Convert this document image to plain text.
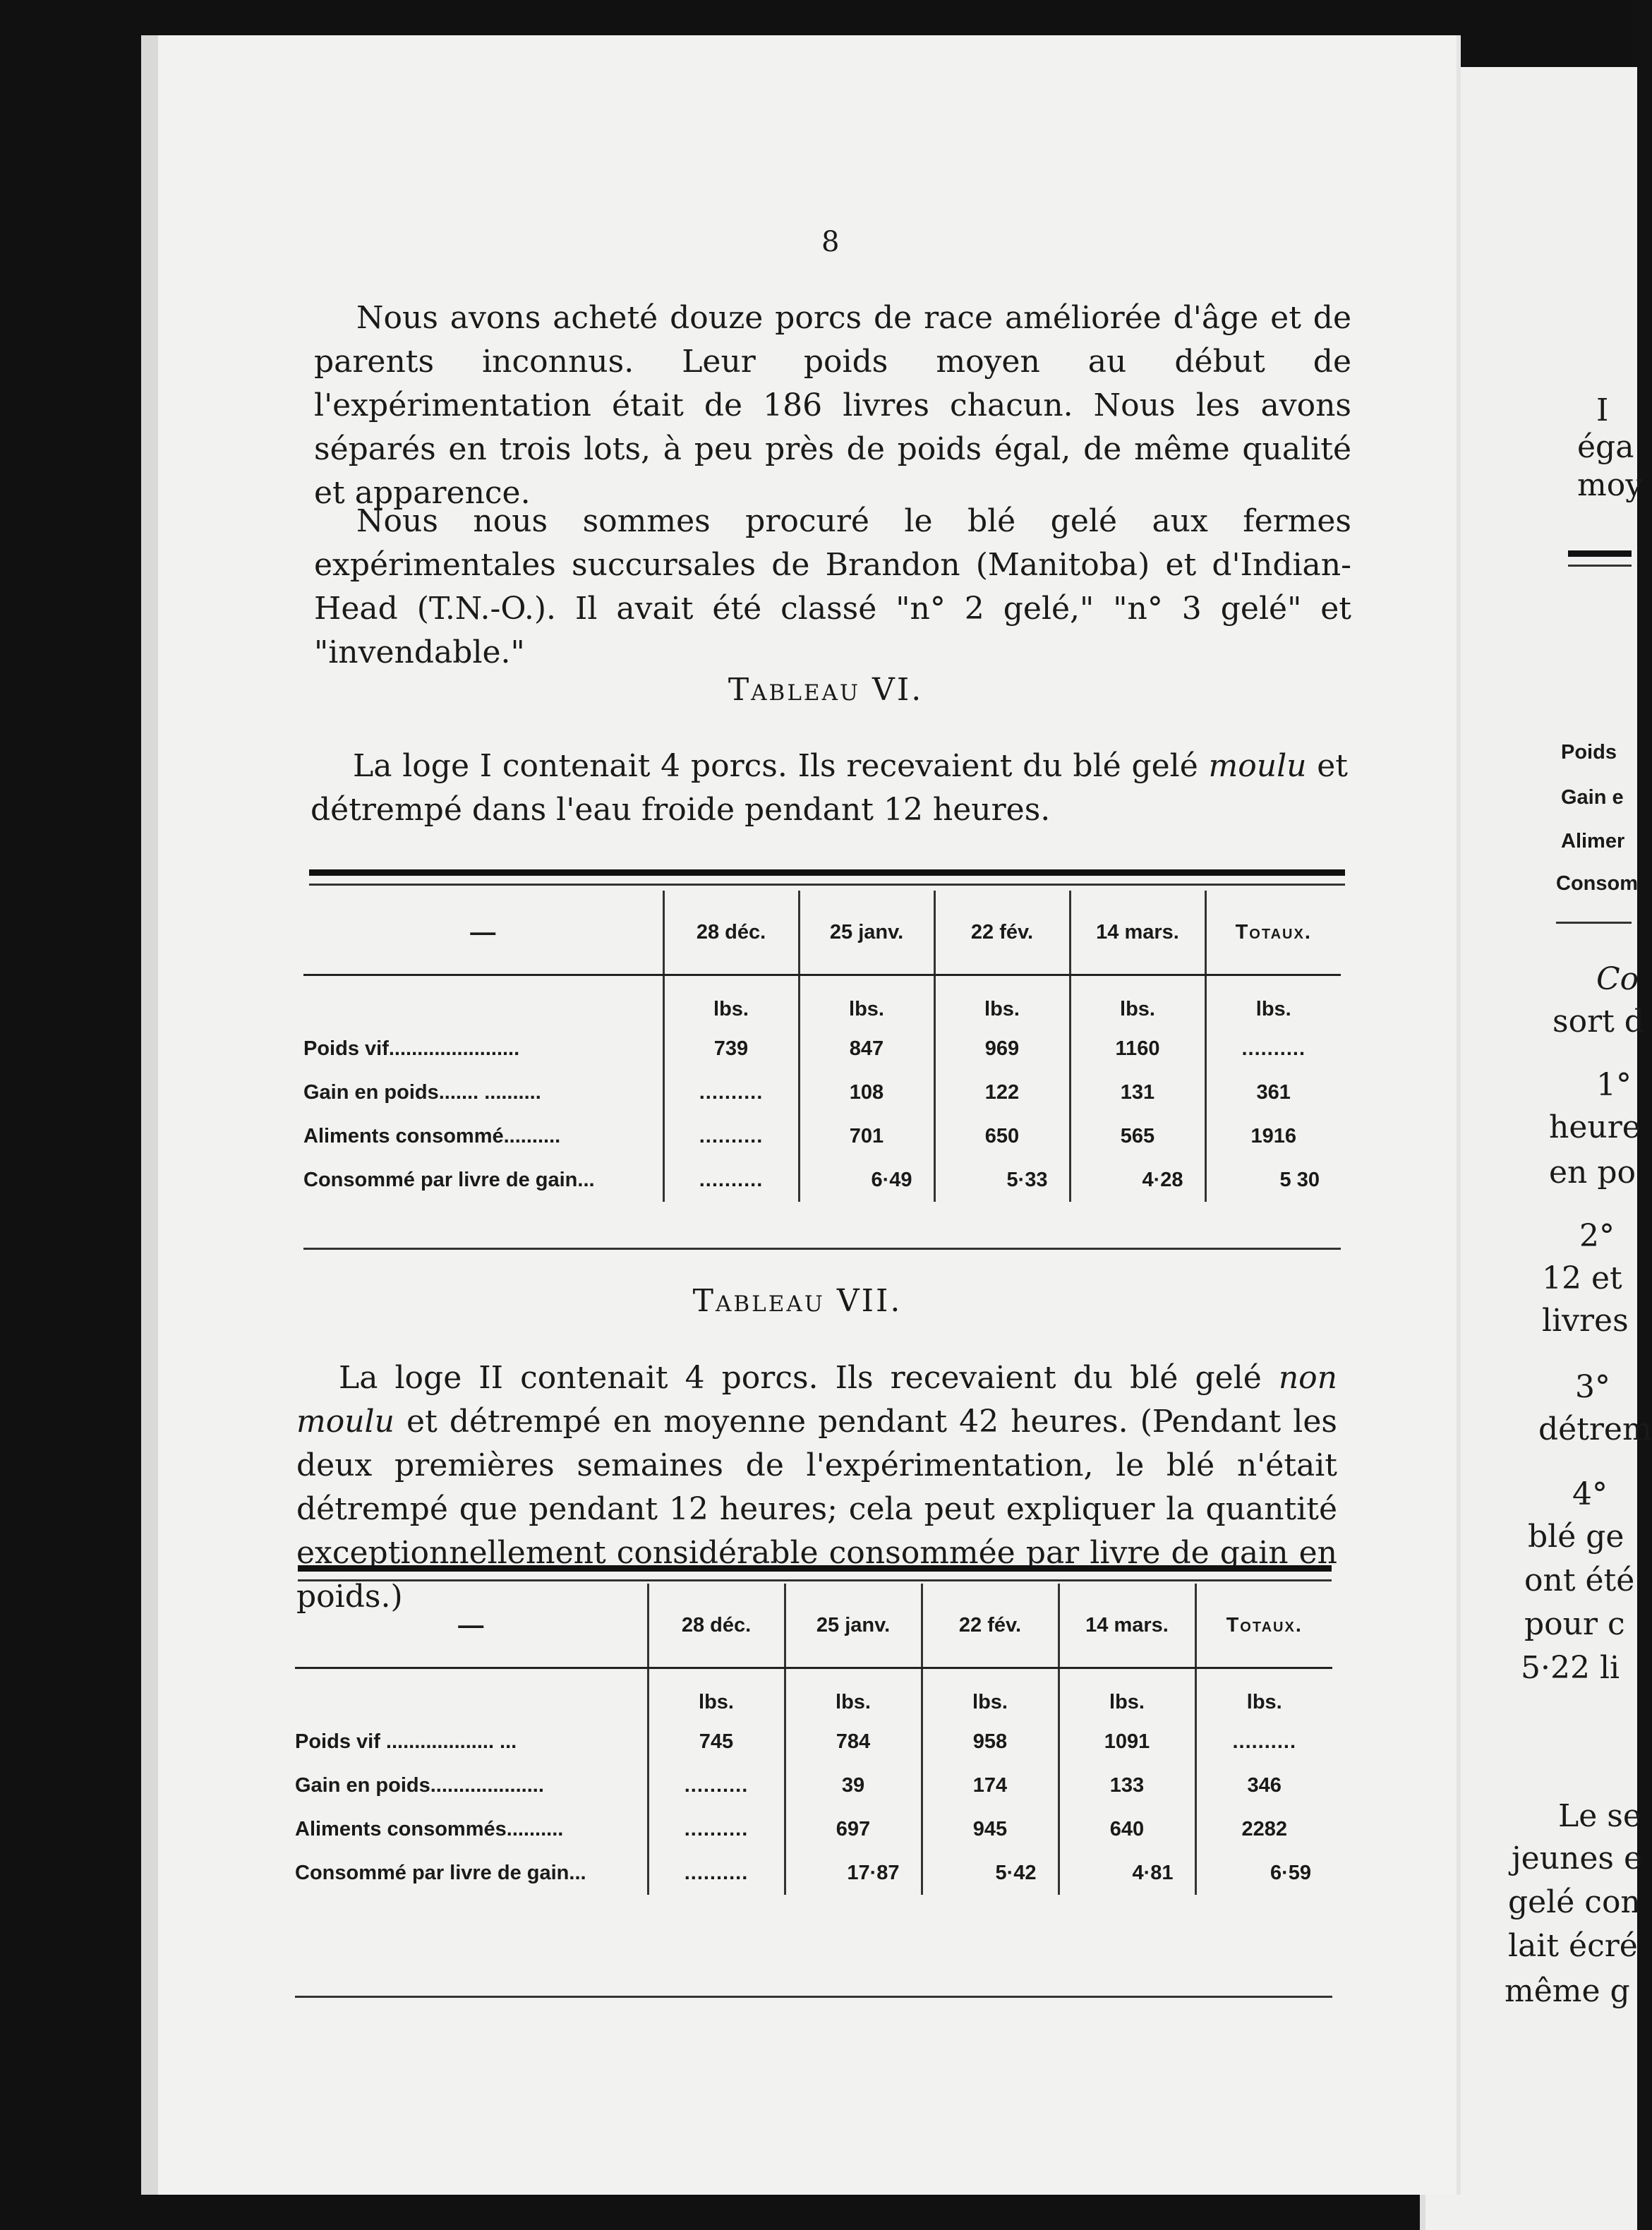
8
Nous avons acheté douze porcs de race améliorée d'âge et de parents inconnus. Leur poids moyen au début de l'expérimentation était de 186 livres chacun. Nous les avons séparés en trois lots, à peu près de poids égal, de même qualité et apparence.
Nous nous sommes procuré le blé gelé aux fermes expérimentales succursales de Brandon (Manitoba) et d'Indian-Head (T.N.-O.). Il avait été classé "n° 2 gelé," "n° 3 gelé" et "invendable."
Tableau VI.
La loge I contenait 4 porcs. Ils recevaient du blé gelé moulu et détrempé dans l'eau froide pendant 12 heures.
—	28 déc.	25 janv.	22 fév.	14 mars.	Totaux.
	lbs.	lbs.	lbs.	lbs.	lbs.
Poids vif.......................	739	847	969	1160	..........
Gain en poids....... ..........	..........	108	122	131	361
Aliments consommé..........	..........	701	650	565	1916
Consommé par livre de gain...	..........	6·49	5·33	4·28	5 30
Tableau VII.
La loge II contenait 4 porcs. Ils recevaient du blé gelé non moulu et détrempé en moyenne pendant 42 heures. (Pendant les deux premières semaines de l'expérimentation, le blé n'était détrempé que pendant 12 heures; cela peut expliquer la quantité exceptionnellement considérable consommée par livre de gain en poids.)
—	28 déc.	25 janv.	22 fév.	14 mars.	Totaux.
	lbs.	lbs.	lbs.	lbs.	lbs.
Poids vif ................... ...	745	784	958	1091	..........
Gain en poids....................	..........	39	174	133	346
Aliments consommés..........	..........	697	945	640	2282
Consommé par livre de gain...	..........	17·87	5·42	4·81	6·59
I
éga
moy
Poids
Gain e
Alimer
Consom
Co
sort d
1°
heure
en po
2°
12 et
livres
3°
détrem
4°
blé ge
ont été
pour c
5·22 li
Le se
jeunes e
gelé con
lait écré
même g
